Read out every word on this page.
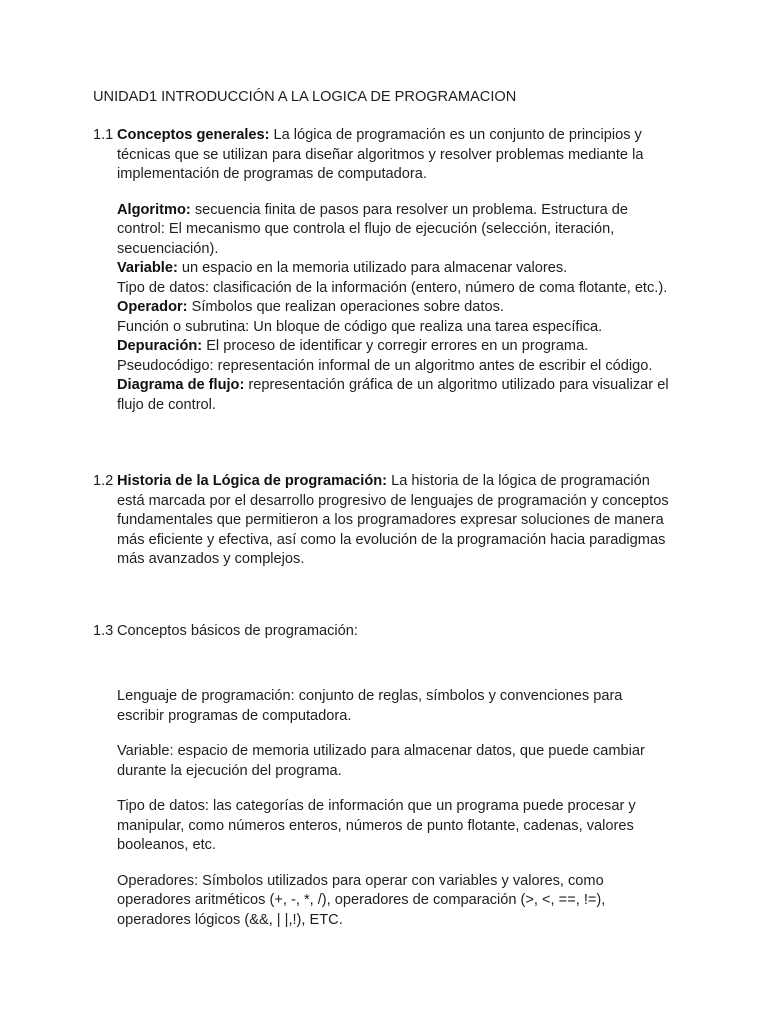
UNIDAD1 INTRODUCCIÓN A LA LOGICA DE PROGRAMACION
1.1 Conceptos generales: La lógica de programación es un conjunto de principios y técnicas que se utilizan para diseñar algoritmos y resolver problemas mediante la implementación de programas de computadora.

Algoritmo: secuencia finita de pasos para resolver un problema. Estructura de control: El mecanismo que controla el flujo de ejecución (selección, iteración, secuenciación).

Variable: un espacio en la memoria utilizado para almacenar valores.

Tipo de datos: clasificación de la información (entero, número de coma flotante, etc.).

Operador: Símbolos que realizan operaciones sobre datos.

Función o subrutina: Un bloque de código que realiza una tarea específica.

Depuración: El proceso de identificar y corregir errores en un programa.

Pseudocódigo: representación informal de un algoritmo antes de escribir el código.

Diagrama de flujo: representación gráfica de un algoritmo utilizado para visualizar el flujo de control.

1.2 Historia de la Lógica de programación: La historia de la lógica de programación está marcada por el desarrollo progresivo de lenguajes de programación y conceptos fundamentales que permitieron a los programadores expresar soluciones de manera más eficiente y efectiva, así como la evolución de la programación hacia paradigmas más avanzados y complejos.

1.3 Conceptos básicos de programación:

Lenguaje de programación: conjunto de reglas, símbolos y convenciones para escribir programas de computadora.

Variable: espacio de memoria utilizado para almacenar datos, que puede cambiar durante la ejecución del programa.

Tipo de datos: las categorías de información que un programa puede procesar y manipular, como números enteros, números de punto flotante, cadenas, valores booleanos, etc.

Operadores: Símbolos utilizados para operar con variables y valores, como operadores aritméticos (+, -, *, /), operadores de comparación (>, <, ==, !=), operadores lógicos (&&, | |,!), ETC.
